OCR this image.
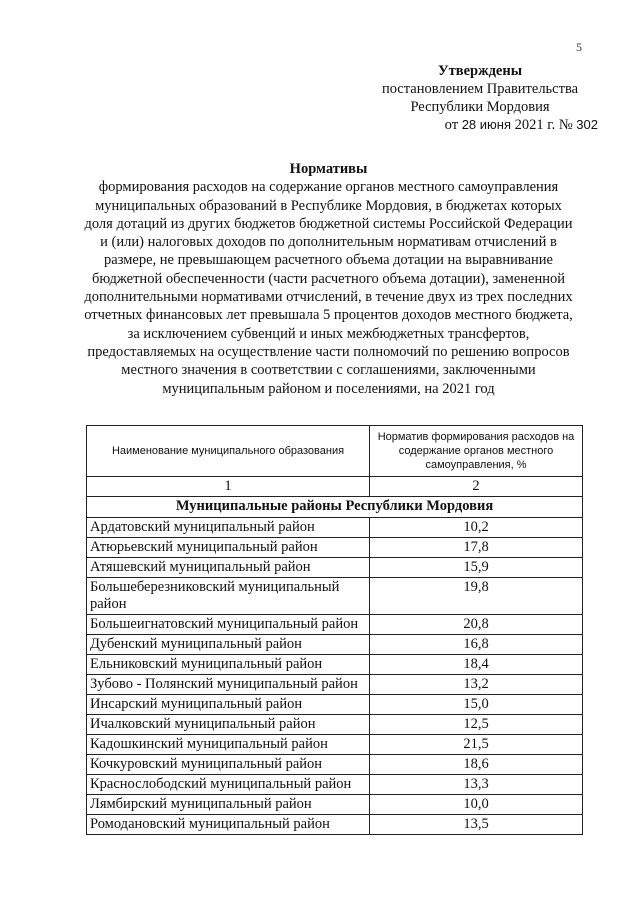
5
Утверждены
постановлением Правительства
Республики Мордовия
от 28 июня 2021 г. № 302
Нормативы
формирования расходов на содержание органов местного самоуправления муниципальных образований в Республике Мордовия, в бюджетах которых доля дотаций из других бюджетов бюджетной системы Российской Федерации и (или) налоговых доходов по дополнительным нормативам отчислений в размере, не превышающем расчетного объема дотации на выравнивание бюджетной обеспеченности (части расчетного объема дотации), замененной дополнительными нормативами отчислений, в течение двух из трех последних отчетных финансовых лет превышала 5 процентов доходов местного бюджета, за исключением субвенций и иных межбюджетных трансфертов, предоставляемых на осуществление части полномочий по решению вопросов местного значения в соответствии с соглашениями, заключенными муниципальным районом и поселениями, на 2021 год
Наименование муниципального образования	Норматив формирования расходов на содержание органов местного самоуправления, %
1	2
Муниципальные районы Республики Мордовия	
Ардатовский муниципальный район	10,2
Атюрьевский муниципальный район	17,8
Атяшевский муниципальный район	15,9
Большеберезниковский муниципальный район	19,8
Большеигнатовский муниципальный район	20,8
Дубенский муниципальный район	16,8
Ельниковский муниципальный район	18,4
Зубово - Полянский муниципальный район	13,2
Инсарский муниципальный район	15,0
Ичалковский муниципальный район	12,5
Кадошкинский муниципальный район	21,5
Кочкуровский муниципальный район	18,6
Краснослободский муниципальный район	13,3
Лямбирский муниципальный район	10,0
Ромодановский муниципальный район	13,5
